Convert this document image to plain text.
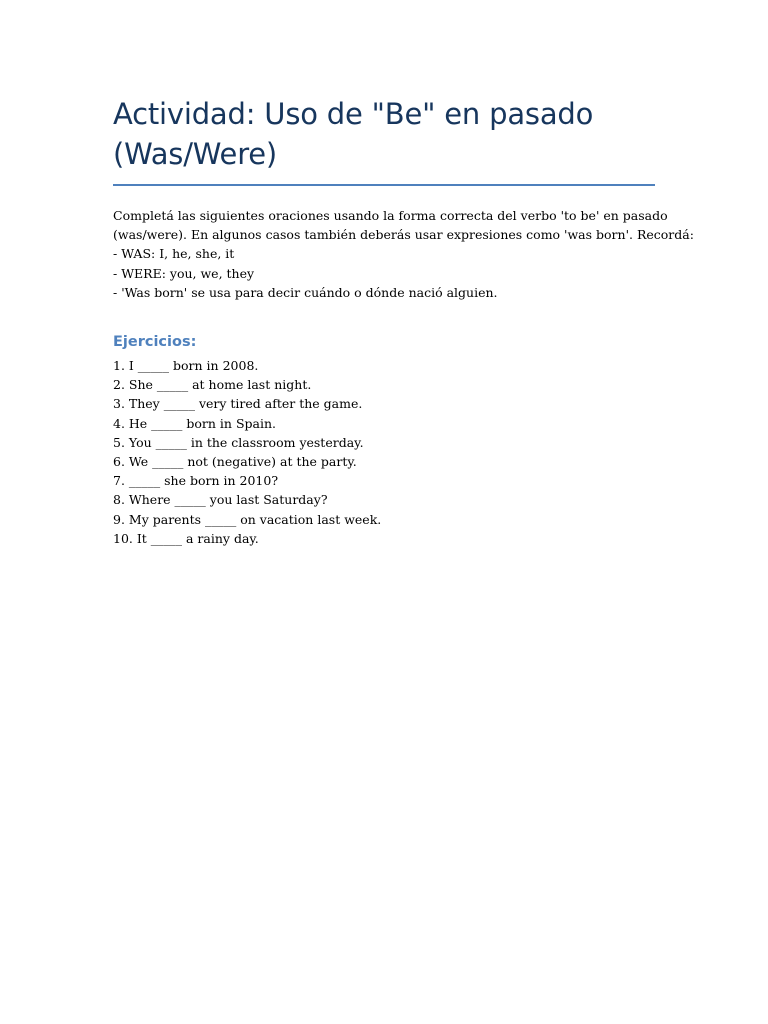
Actividad: Uso de "Be" en pasado
(Was/Were)
Completá las siguientes oraciones usando la forma correcta del verbo 'to be' en pasado
(was/were). En algunos casos también deberás usar expresiones como 'was born'. Recordá:
- WAS: I, he, she, it
- WERE: you, we, they
- 'Was born' se usa para decir cuándo o dónde nació alguien.
Ejercicios:
1. I _____ born in 2008.
2. She _____ at home last night.
3. They _____ very tired after the game.
4. He _____ born in Spain.
5. You _____ in the classroom yesterday.
6. We _____ not (negative) at the party.
7. _____ she born in 2010?
8. Where _____ you last Saturday?
9. My parents _____ on vacation last week.
10. It _____ a rainy day.
